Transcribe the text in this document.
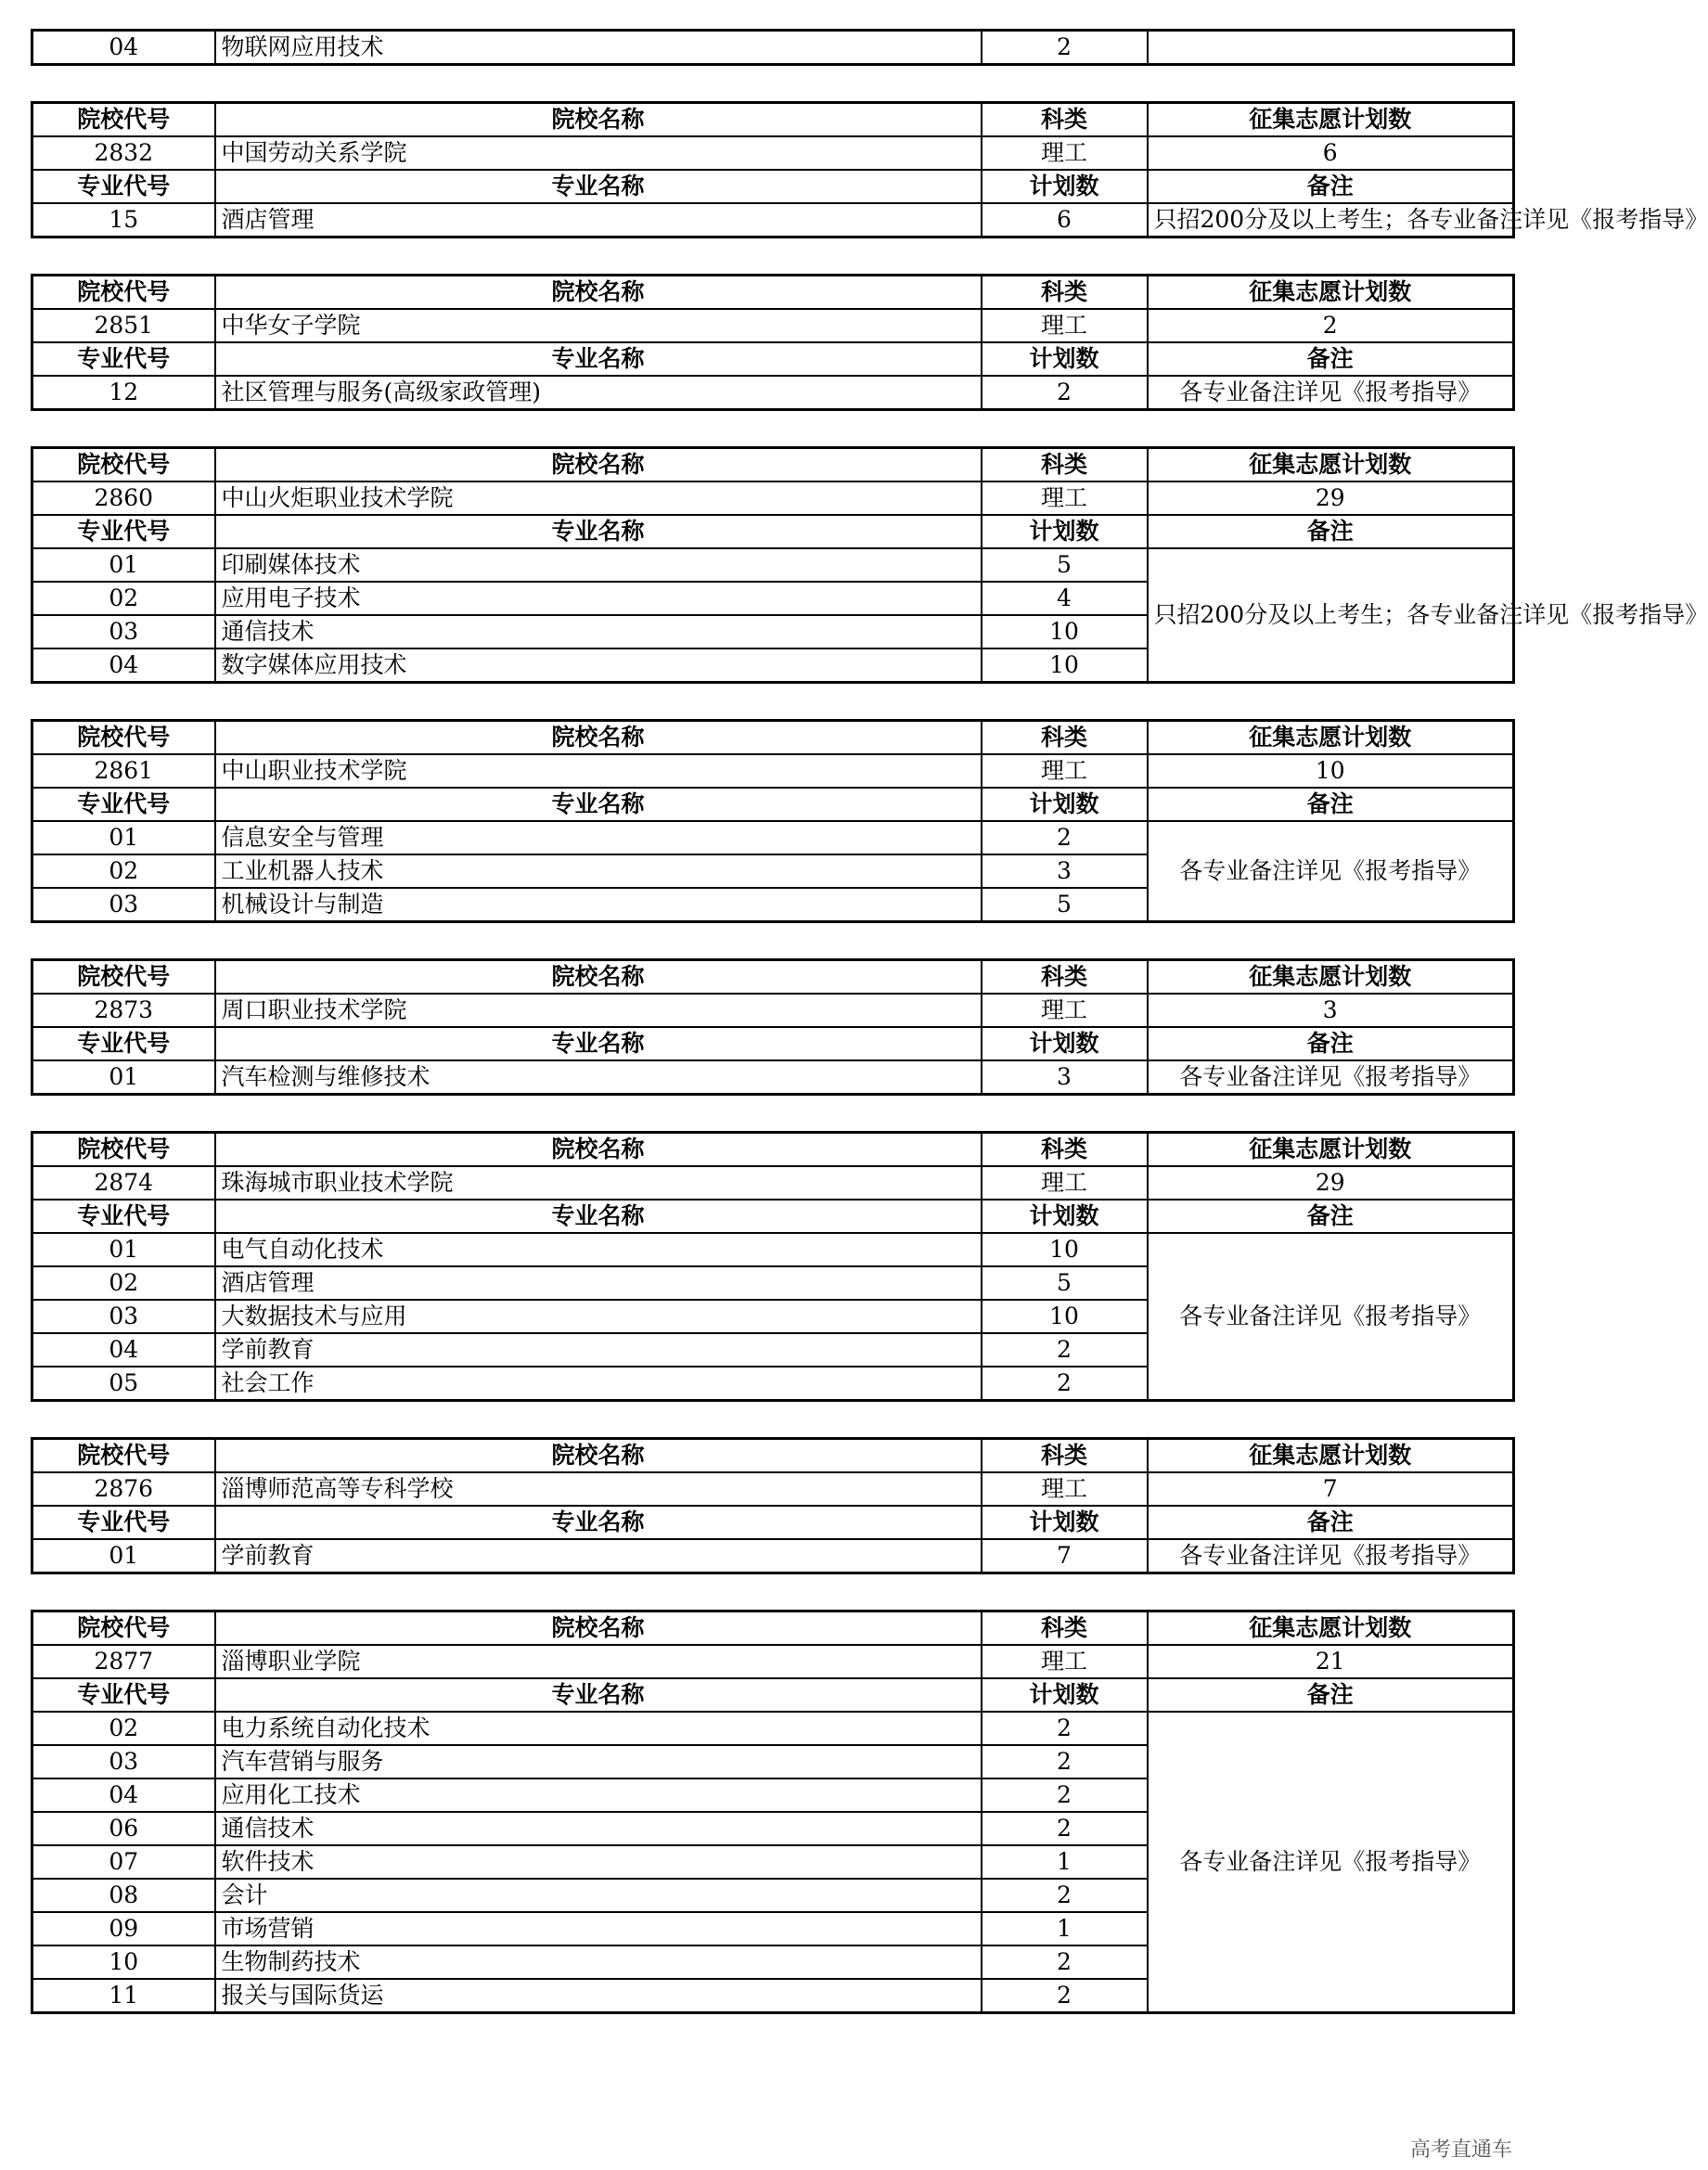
04	物联网应用技术	2	
院校代号	院校名称	科类	征集志愿计划数
2832	中国劳动关系学院	理工	6
专业代号	专业名称	计划数	备注
15	酒店管理	6	只招200分及以上考生；各专业备注详见《报考指导》
院校代号	院校名称	科类	征集志愿计划数
2851	中华女子学院	理工	2
专业代号	专业名称	计划数	备注
12	社区管理与服务(高级家政管理)	2	各专业备注详见《报考指导》
院校代号	院校名称	科类	征集志愿计划数
2860	中山火炬职业技术学院	理工	29
专业代号	专业名称	计划数	备注
01	印刷媒体技术	5	只招200分及以上考生；各专业备注详见《报考指导》
02	应用电子技术	4	
03	通信技术	10	
04	数字媒体应用技术	10	
院校代号	院校名称	科类	征集志愿计划数
2861	中山职业技术学院	理工	10
专业代号	专业名称	计划数	备注
01	信息安全与管理	2	各专业备注详见《报考指导》
02	工业机器人技术	3	
03	机械设计与制造	5	
院校代号	院校名称	科类	征集志愿计划数
2873	周口职业技术学院	理工	3
专业代号	专业名称	计划数	备注
01	汽车检测与维修技术	3	各专业备注详见《报考指导》
院校代号	院校名称	科类	征集志愿计划数
2874	珠海城市职业技术学院	理工	29
专业代号	专业名称	计划数	备注
01	电气自动化技术	10	各专业备注详见《报考指导》
02	酒店管理	5	
03	大数据技术与应用	10	
04	学前教育	2	
05	社会工作	2	
院校代号	院校名称	科类	征集志愿计划数
2876	淄博师范高等专科学校	理工	7
专业代号	专业名称	计划数	备注
01	学前教育	7	各专业备注详见《报考指导》
院校代号	院校名称	科类	征集志愿计划数
2877	淄博职业学院	理工	21
专业代号	专业名称	计划数	备注
02	电力系统自动化技术	2	各专业备注详见《报考指导》
03	汽车营销与服务	2	
04	应用化工技术	2	
06	通信技术	2	
07	软件技术	1	
08	会计	2	
09	市场营销	1	
10	生物制药技术	2	
11	报关与国际货运	2	
高考直通车
